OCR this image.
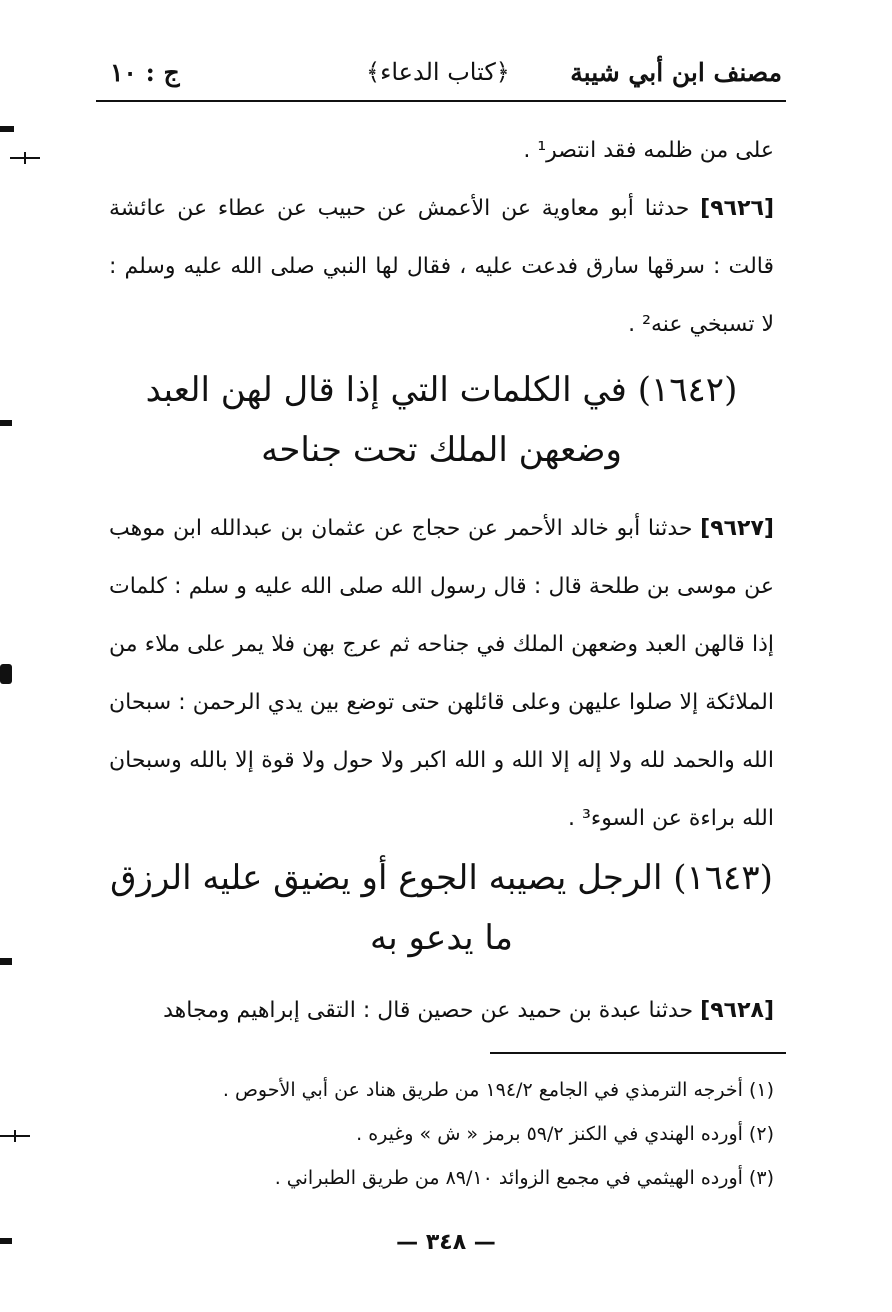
مصنف ابن أبي شيبة
﴿كتاب الدعاء﴾
ج : ١٠
على من ظلمه فقد انتصر¹ .
[٩٦٢٦] حدثنا أبو معاوية عن الأعمش عن حبيب عن عطاء عن عائشة قالت : سرقها سارق فدعت عليه ، فقال لها النبي صلى الله عليه وسلم : لا تسبخي عنه² .
(١٦٤٢) في الكلمات التي إذا قال لهن العبد وضعهن الملك تحت جناحه
[٩٦٢٧] حدثنا أبو خالد الأحمر عن حجاج عن عثمان بن عبدالله ابن موهب عن موسى بن طلحة قال : قال رسول الله صلى الله عليه و سلم : كلمات إذا قالهن العبد وضعهن الملك في جناحه ثم عرج بهن فلا يمر على ملاء من الملائكة إلا صلوا عليهن وعلى قائلهن حتى توضع بين يدي الرحمن : سبحان الله والحمد لله ولا إله إلا الله و الله اكبر ولا حول ولا قوة إلا بالله وسبحان الله براءة عن السوء³ .
(١٦٤٣) الرجل يصيبه الجوع أو يضيق عليه الرزق ما يدعو به
[٩٦٢٨] حدثنا عبدة بن حميد عن حصين قال : التقى إبراهيم ومجاهد
(١) أخرجه الترمذي في الجامع ١٩٤/٢ من طريق هناد عن أبي الأحوص .
(٢) أورده الهندي في الكنز ٥٩/٢ برمز « ش » وغيره .
(٣) أورده الهيثمي في مجمع الزوائد ٨٩/١٠ من طريق الطبراني .
— ٣٤٨ —
